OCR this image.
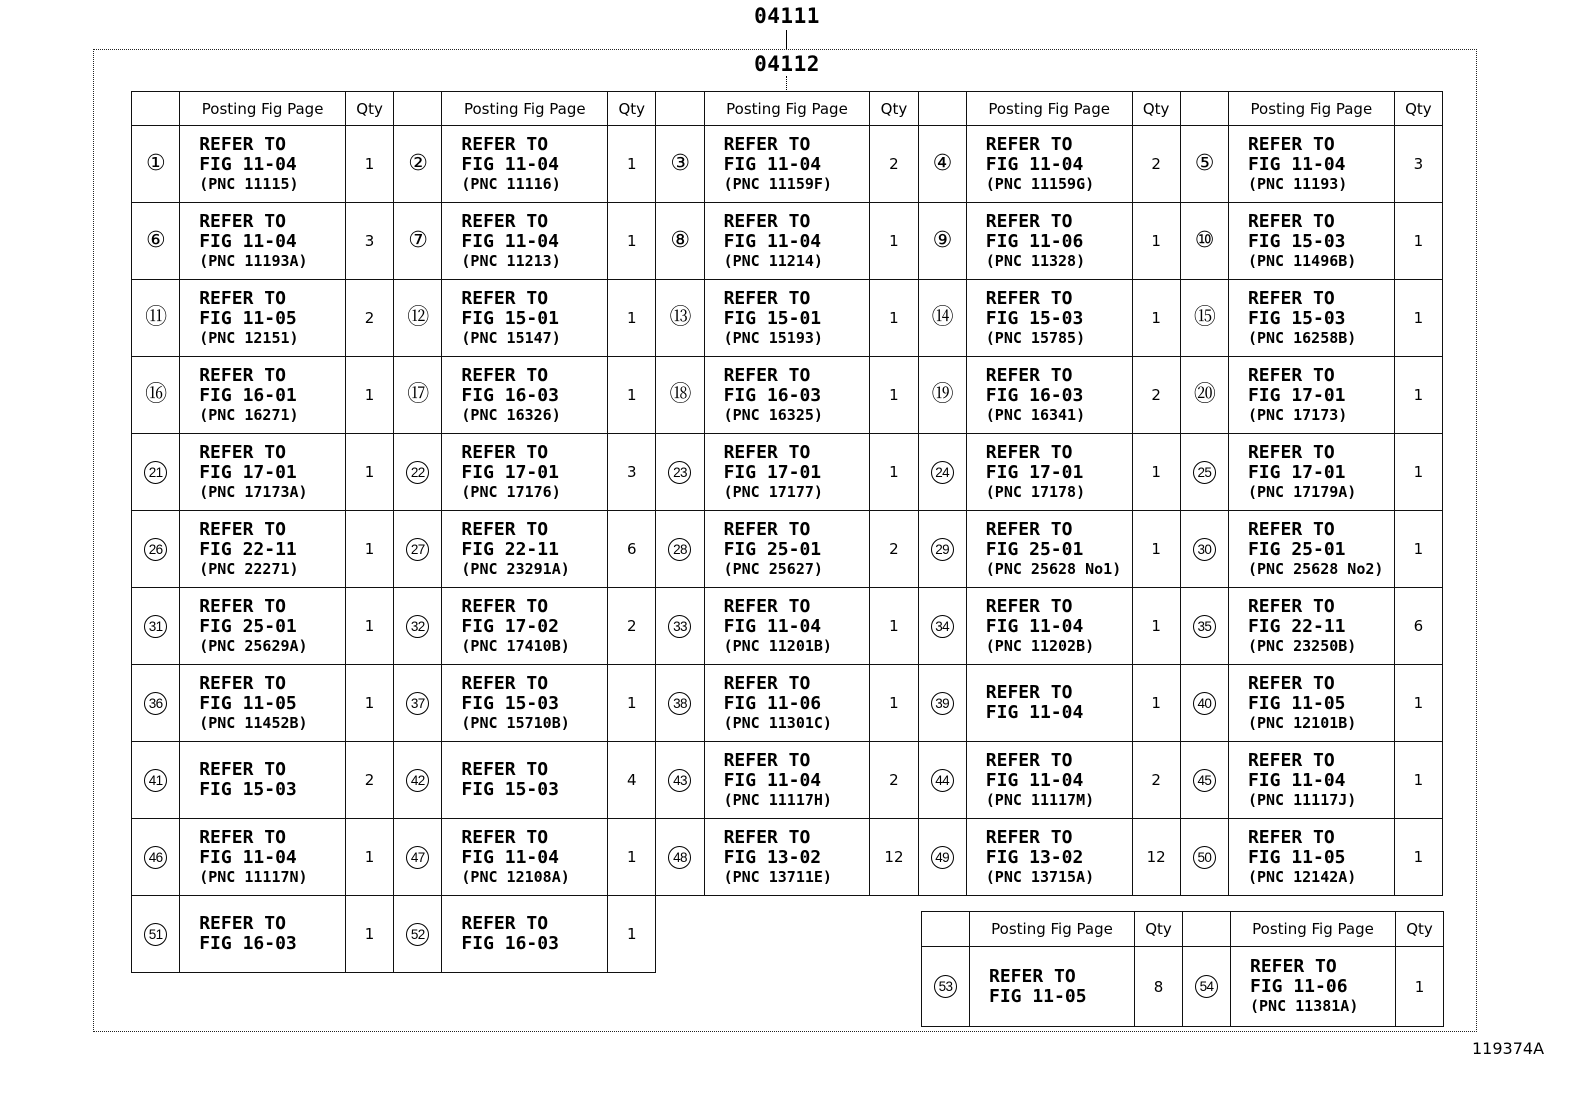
04111
04112
	Posting Fig Page	Qty		Posting Fig Page	Qty		Posting Fig Page	Qty		Posting Fig Page	Qty		Posting Fig Page	Qty
①	REFER TO
FIG 11-04
(PNC 11115)	1	②	REFER TO
FIG 11-04
(PNC 11116)	1	③	REFER TO
FIG 11-04
(PNC 11159F)	2	④	REFER TO
FIG 11-04
(PNC 11159G)	2	⑤	REFER TO
FIG 11-04
(PNC 11193)	3
⑥	REFER TO
FIG 11-04
(PNC 11193A)	3	⑦	REFER TO
FIG 11-04
(PNC 11213)	1	⑧	REFER TO
FIG 11-04
(PNC 11214)	1	⑨	REFER TO
FIG 11-06
(PNC 11328)	1	⑩	REFER TO
FIG 15-03
(PNC 11496B)	1
⑪	REFER TO
FIG 11-05
(PNC 12151)	2	⑫	REFER TO
FIG 15-01
(PNC 15147)	1	⑬	REFER TO
FIG 15-01
(PNC 15193)	1	⑭	REFER TO
FIG 15-03
(PNC 15785)	1	⑮	REFER TO
FIG 15-03
(PNC 16258B)	1
⑯	REFER TO
FIG 16-01
(PNC 16271)	1	⑰	REFER TO
FIG 16-03
(PNC 16326)	1	⑱	REFER TO
FIG 16-03
(PNC 16325)	1	⑲	REFER TO
FIG 16-03
(PNC 16341)	2	⑳	REFER TO
FIG 17-01
(PNC 17173)	1
21	REFER TO
FIG 17-01
(PNC 17173A)	1	22	REFER TO
FIG 17-01
(PNC 17176)	3	23	REFER TO
FIG 17-01
(PNC 17177)	1	24	REFER TO
FIG 17-01
(PNC 17178)	1	25	REFER TO
FIG 17-01
(PNC 17179A)	1
26	REFER TO
FIG 22-11
(PNC 22271)	1	27	REFER TO
FIG 22-11
(PNC 23291A)	6	28	REFER TO
FIG 25-01
(PNC 25627)	2	29	REFER TO
FIG 25-01
(PNC 25628 No1)	1	30	REFER TO
FIG 25-01
(PNC 25628 No2)	1
31	REFER TO
FIG 25-01
(PNC 25629A)	1	32	REFER TO
FIG 17-02
(PNC 17410B)	2	33	REFER TO
FIG 11-04
(PNC 11201B)	1	34	REFER TO
FIG 11-04
(PNC 11202B)	1	35	REFER TO
FIG 22-11
(PNC 23250B)	6
36	REFER TO
FIG 11-05
(PNC 11452B)	1	37	REFER TO
FIG 15-03
(PNC 15710B)	1	38	REFER TO
FIG 11-06
(PNC 11301C)	1	39	REFER TO
FIG 11-04	1	40	REFER TO
FIG 11-05
(PNC 12101B)	1
41	REFER TO
FIG 15-03	2	42	REFER TO
FIG 15-03	4	43	REFER TO
FIG 11-04
(PNC 11117H)	2	44	REFER TO
FIG 11-04
(PNC 11117M)	2	45	REFER TO
FIG 11-04
(PNC 11117J)	1
46	REFER TO
FIG 11-04
(PNC 11117N)	1	47	REFER TO
FIG 11-04
(PNC 12108A)	1	48	REFER TO
FIG 13-02
(PNC 13711E)	12	49	REFER TO
FIG 13-02
(PNC 13715A)	12	50	REFER TO
FIG 11-05
(PNC 12142A)	1
51	REFER TO
FIG 16-03	1	52	REFER TO
FIG 16-03	1									
		Posting Fig Page	Qty		Posting Fig Page	Qty
53	REFER TO
FIG 11-05	8	54	REFER TO
FIG 11-06
(PNC 11381A)	1
119374A
